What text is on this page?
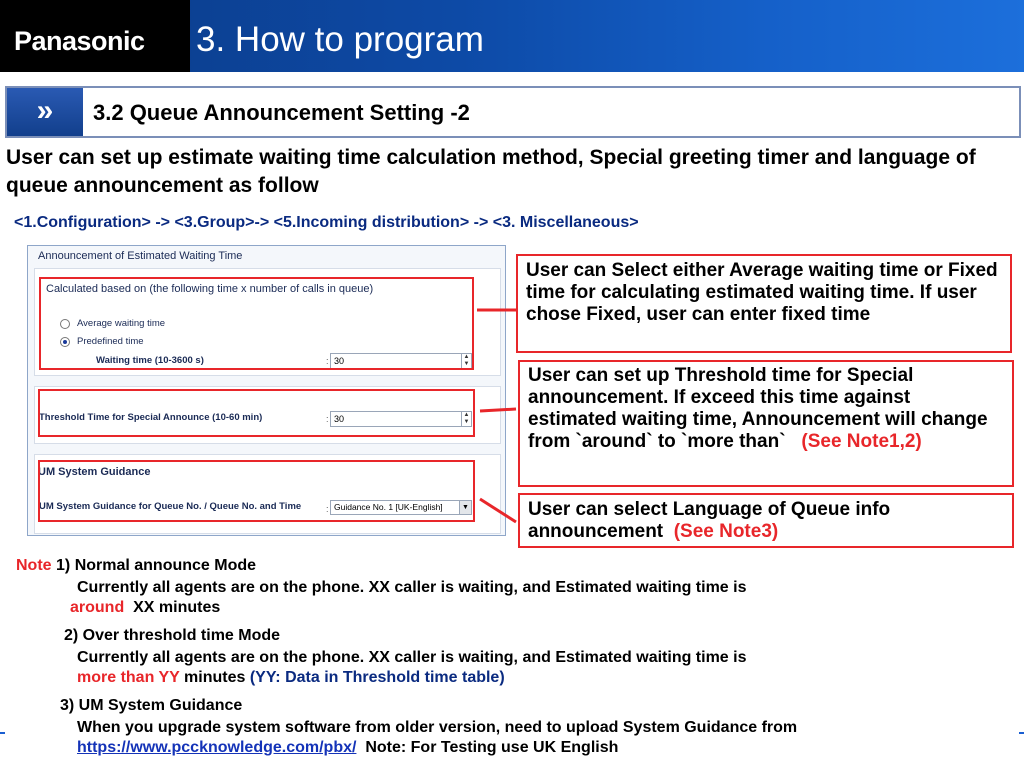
Panasonic 3. How to program
»	3.2 Queue Announcement Setting -2
User can set up estimate waiting time calculation method, Special greeting timer and language of queue announcement as follow
<1.Configuration> -> <3.Group>-> <5.Incoming distribution> -> <3. Miscellaneous>
Announcement of Estimated Waiting Time
Calculated based on (the following time x number of calls in queue)
Average waiting time
Predefined time
Waiting time (10-3600 s)	: 30	▲
▼
Threshold Time for Special Announce (10-60 min)	: 30	▲
▼
UM System Guidance
UM System Guidance for Queue No. / Queue No. and Time	: Guidance No. 1 [UK-English]	▼
User can Select either Average waiting time or Fixed time for calculating estimated waiting time. If user chose Fixed, user can enter fixed time
User can set up Threshold time for Special announcement. If exceed this time against estimated waiting time, Announcement will change from `around` to `more than` (See Note1,2)
User can select Language of Queue info announcement (See Note3)
Note 1) Normal announce Mode
Currently all agents are on the phone. XX caller is waiting, and Estimated waiting time is
around XX minutes
2) Over threshold time Mode
Currently all agents are on the phone. XX caller is waiting, and Estimated waiting time is
more than YY minutes (YY: Data in Threshold time table)
3) UM System Guidance
When you upgrade system software from older version, need to upload System Guidance from
https://www.pccknowledge.com/pbx/ Note: For Testing use UK English
